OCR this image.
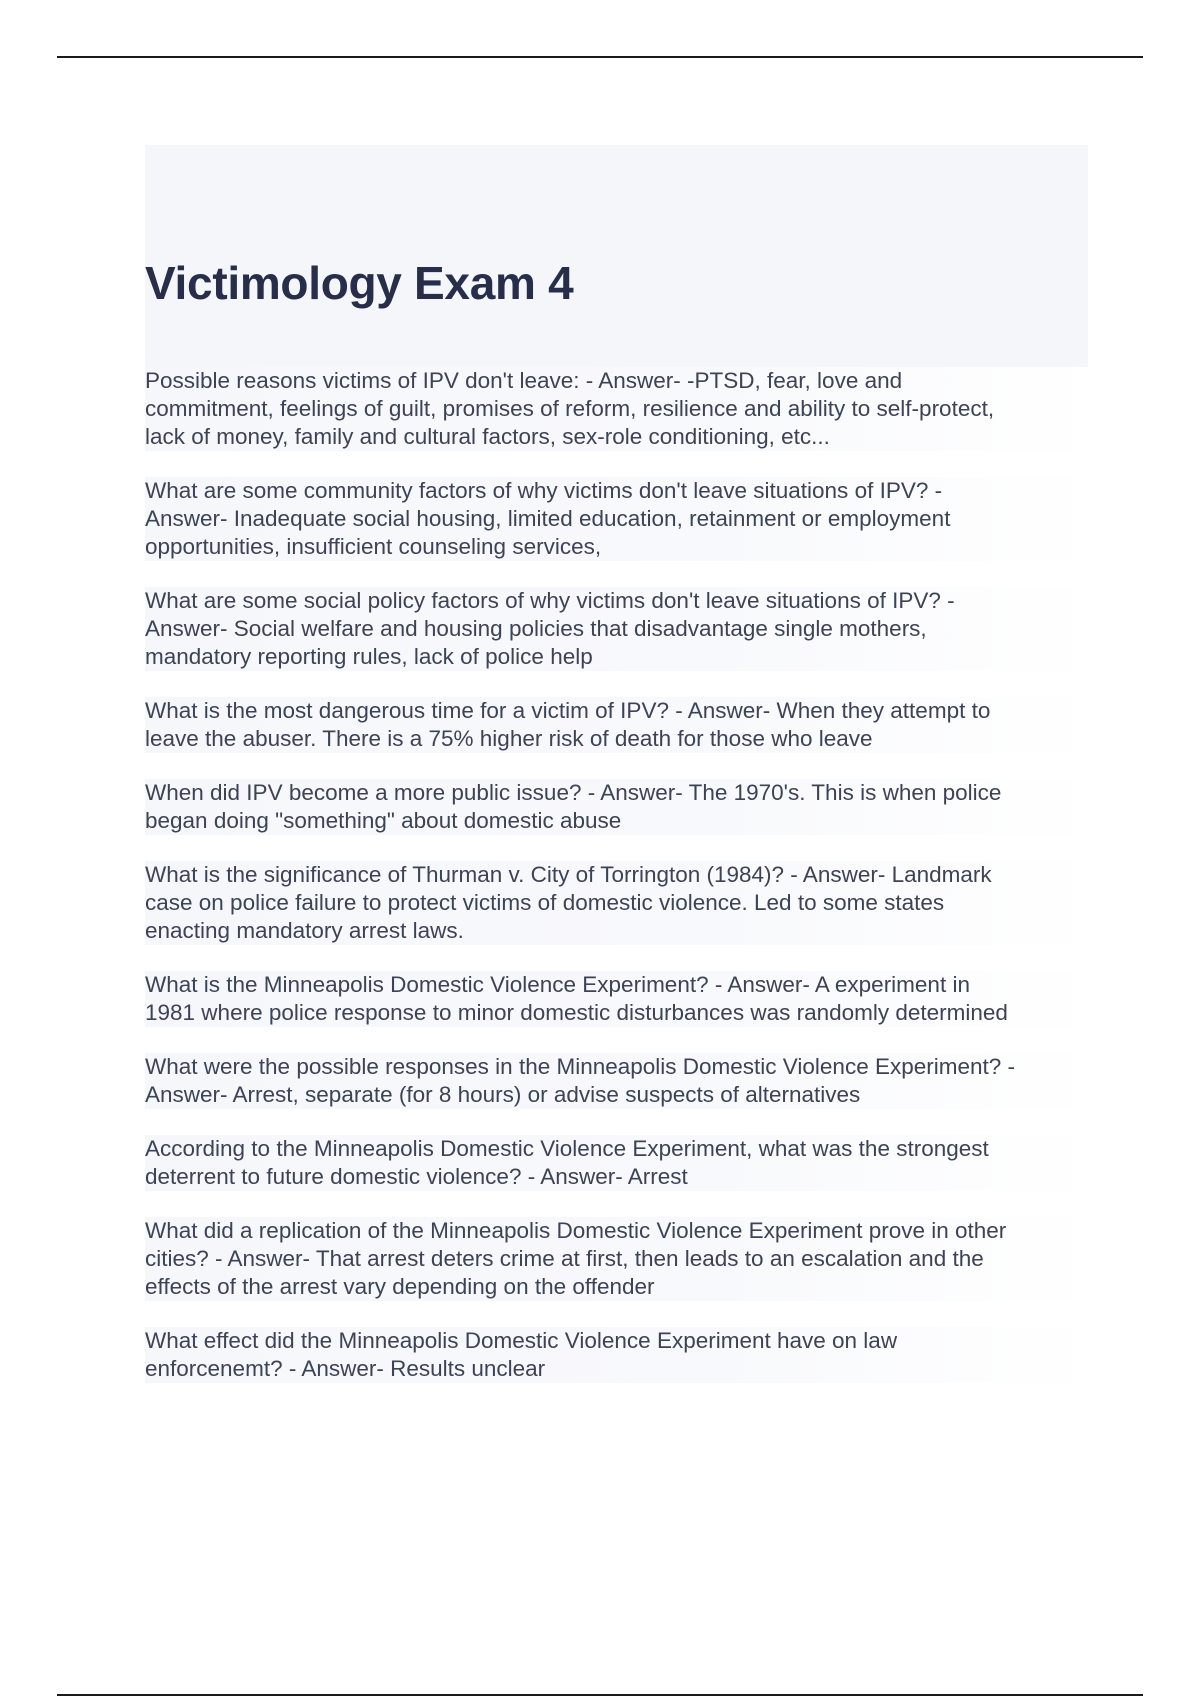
Victimology Exam 4

Possible reasons victims of IPV don't leave: - Answer- -PTSD, fear, love and
commitment, feelings of guilt, promises of reform, resilience and ability to self-protect,
lack of money, family and cultural factors, sex-role conditioning, etc...

What are some community factors of why victims don't leave situations of IPV? -
Answer- Inadequate social housing, limited education, retainment or employment
opportunities, insufficient counseling services,

What are some social policy factors of why victims don't leave situations of IPV? -
Answer- Social welfare and housing policies that disadvantage single mothers,
mandatory reporting rules, lack of police help

What is the most dangerous time for a victim of IPV? - Answer- When they attempt to
leave the abuser. There is a 75% higher risk of death for those who leave

When did IPV become a more public issue? - Answer- The 1970's. This is when police
began doing "something" about domestic abuse

What is the significance of Thurman v. City of Torrington (1984)? - Answer- Landmark
case on police failure to protect victims of domestic violence. Led to some states
enacting mandatory arrest laws.

What is the Minneapolis Domestic Violence Experiment? - Answer- A experiment in
1981 where police response to minor domestic disturbances was randomly determined

What were the possible responses in the Minneapolis Domestic Violence Experiment? -
Answer- Arrest, separate (for 8 hours) or advise suspects of alternatives

According to the Minneapolis Domestic Violence Experiment, what was the strongest
deterrent to future domestic violence? - Answer- Arrest

What did a replication of the Minneapolis Domestic Violence Experiment prove in other
cities? - Answer- That arrest deters crime at first, then leads to an escalation and the
effects of the arrest vary depending on the offender

What effect did the Minneapolis Domestic Violence Experiment have on law
enforcenemt? - Answer- Results unclear
